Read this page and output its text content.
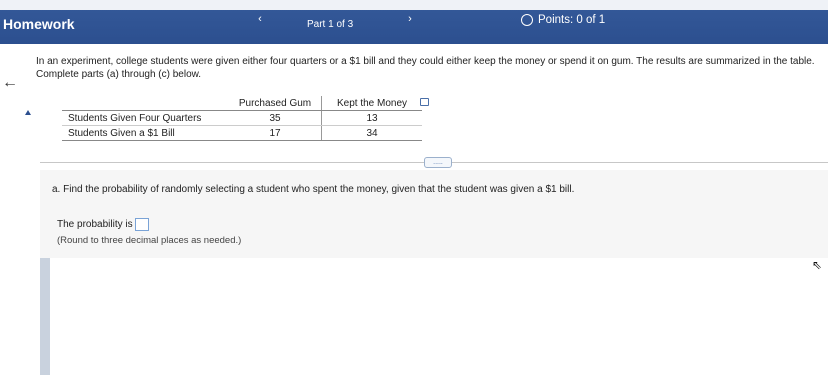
Homework	‹	Part 1 of 3	›	Points: 0 of 1
←
In an experiment, college students were given either four quarters or a $1 bill and they could either keep the money or spend it on gum. The results are summarized in the table.
Complete parts (a) through (c) below.
	Purchased Gum	Kept the Money
Students Given Four Quarters	35	13
Students Given a $1 Bill	17	34
.....
a. Find the probability of randomly selecting a student who spent the money, given that the student was given a $1 bill.
The probability is
(Round to three decimal places as needed.)
⇖
